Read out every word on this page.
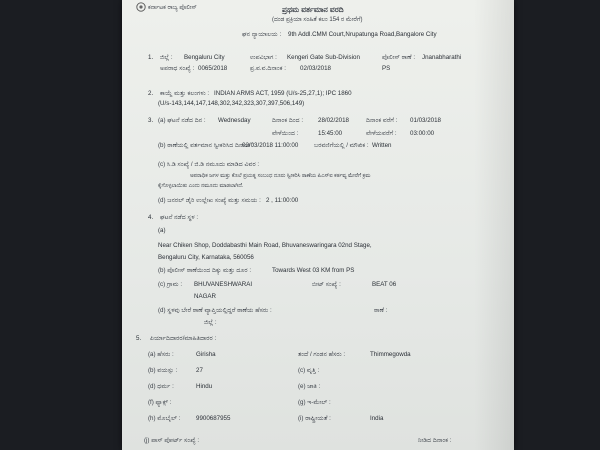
ಕರ್ನಾಟಕ ರಾಜ್ಯ ಪೊಲೀಸ್	ಪ್ರಥಮ ವರ್ತಮಾನ ವರದಿ
(ದಂಡ ಪ್ರಕ್ರಿಯಾ ಸಂಹಿತೆ ಕಲಂ 154 ರ ಮೇರೆಗೆ)
ಘನ ನ್ಯಾಯಾಲಯ : 9th Addl.CMM Court,Nrupatunga Road,Bangalore City
1. ಜಿಲ್ಲೆ : Bengaluru City	ಉಪವಿಭಾಗ : Kengeri Gate Sub-Division	ಪೊಲೀಸ್ ಠಾಣೆ : Jnanabharathi
PS
ಅಪರಾಧ ಸಂಖ್ಯೆ : 0065/2018	ಪ್ರ.ವ.ವ.ದಿನಾಂಕ : 02/03/2018
2. ಕಾಯ್ದೆ ಮತ್ತು ಕಲಂಗಳು : INDIAN ARMS ACT, 1959 (U/s-25,27,1); IPC 1860
(U/s-143,144,147,148,302,342,323,307,397,506,149)
3. (a) ಘಟನೆ ನಡೆದ ದಿನ : Wednesday	ದಿನಾಂಕ ದಿಂದ : 28/02/2018	ದಿನಾಂಕ ವರೆಗೆ : 01/03/2018
ವೇಳೆಯಿಂದ :	15:45:00	ವೇಳೆಯವರೆಗೆ : 03:00:00
(b) ಠಾಣೆಯಲ್ಲಿ ವರ್ತಮಾನ ಸ್ವೀಕರಿಸಿದ ದಿನಾಂಕ :
02/03/2018 11:00:00	ಬರವಣಿಗೆಯಲ್ಲಿ / ಮೌಖಿಕ : Written
(c) ಸಿ.ಡಿ ಸಂಖ್ಯೆ / ಜಿ.ಡಿ ನಮೂದು ಮಾಡಿದ ವಿವರ :
ಅಪರಾಧಿಕ ಜಗಳ ಮತ್ತು ಕೊಲೆ ಪ್ರಯತ್ನ ಸಂಬಂಧ ದೂರು ಸ್ವೀಕರಿಸಿ ಠಾಣೆಯ ಪಿಎಸ್ಐ ಕರ್ತವ್ಯ ಮೇರೆಗೆ ಕ್ರಮ
ಕೈಗೊಳ್ಳಲಾಯಿತು ಎಂದು ನಮೂದು ಮಾಡಲಾಗಿದೆ.
(d) ಜನರಲ್ ಡೈರಿ ಉಲ್ಲೇಖ ಸಂಖ್ಯೆ ಮತ್ತು ಸಮಯ : 2 , 11:00:00
4. ಘಟನೆ ನಡೆದ ಸ್ಥಳ :
(a)
Near Chiken Shop, Doddabasthi Main Road, Bhuvaneswaringara 02nd Stage,
Bengaluru City, Karnataka, 560056
(b) ಪೊಲೀಸ್ ಠಾಣೆಯಿಂದ ದಿಕ್ಕು ಮತ್ತು ದೂರ :	Towards West 03 KM from PS
(c) ಗ್ರಾಮ : BHUVANESHWARAI
NAGAR
ಬೀಟ್ ಸಂಖ್ಯೆ :	BEAT 06
(d) ಸ್ಥಳವು ಬೇರೆ ಠಾಣೆ ವ್ಯಾಪ್ತಿಯಲ್ಲಿದ್ದರೆ ಠಾಣೆಯ ಹೆಸರು :	ಠಾಣೆ :
ಜಿಲ್ಲೆ :
5. ಪಿರ್ಯಾದಿದಾರರ/ಮಾಹಿತಿದಾರರ :
(a) ಹೆಸರು :	Girisha	ತಂದೆ / ಗಂಡನ ಹೆಸರು :	Thimmegowda
(b) ವಯಸ್ಸು :	27	(c) ವೃತ್ತಿ :
(d) ಧರ್ಮ :	Hindu	(e) ಜಾತಿ :
(f) ಫ್ಯಾಕ್ಸ್ :	(g) ಇ-ಮೇಲ್ :
(h) ಮೊಬೈಲ್ :	9900687955	(i) ರಾಷ್ಟ್ರೀಯತೆ :	India
(j) ಪಾಸ್ ಪೋರ್ಟ್ ಸಂಖ್ಯೆ :	ನೀಡಿದ ದಿನಾಂಕ :
